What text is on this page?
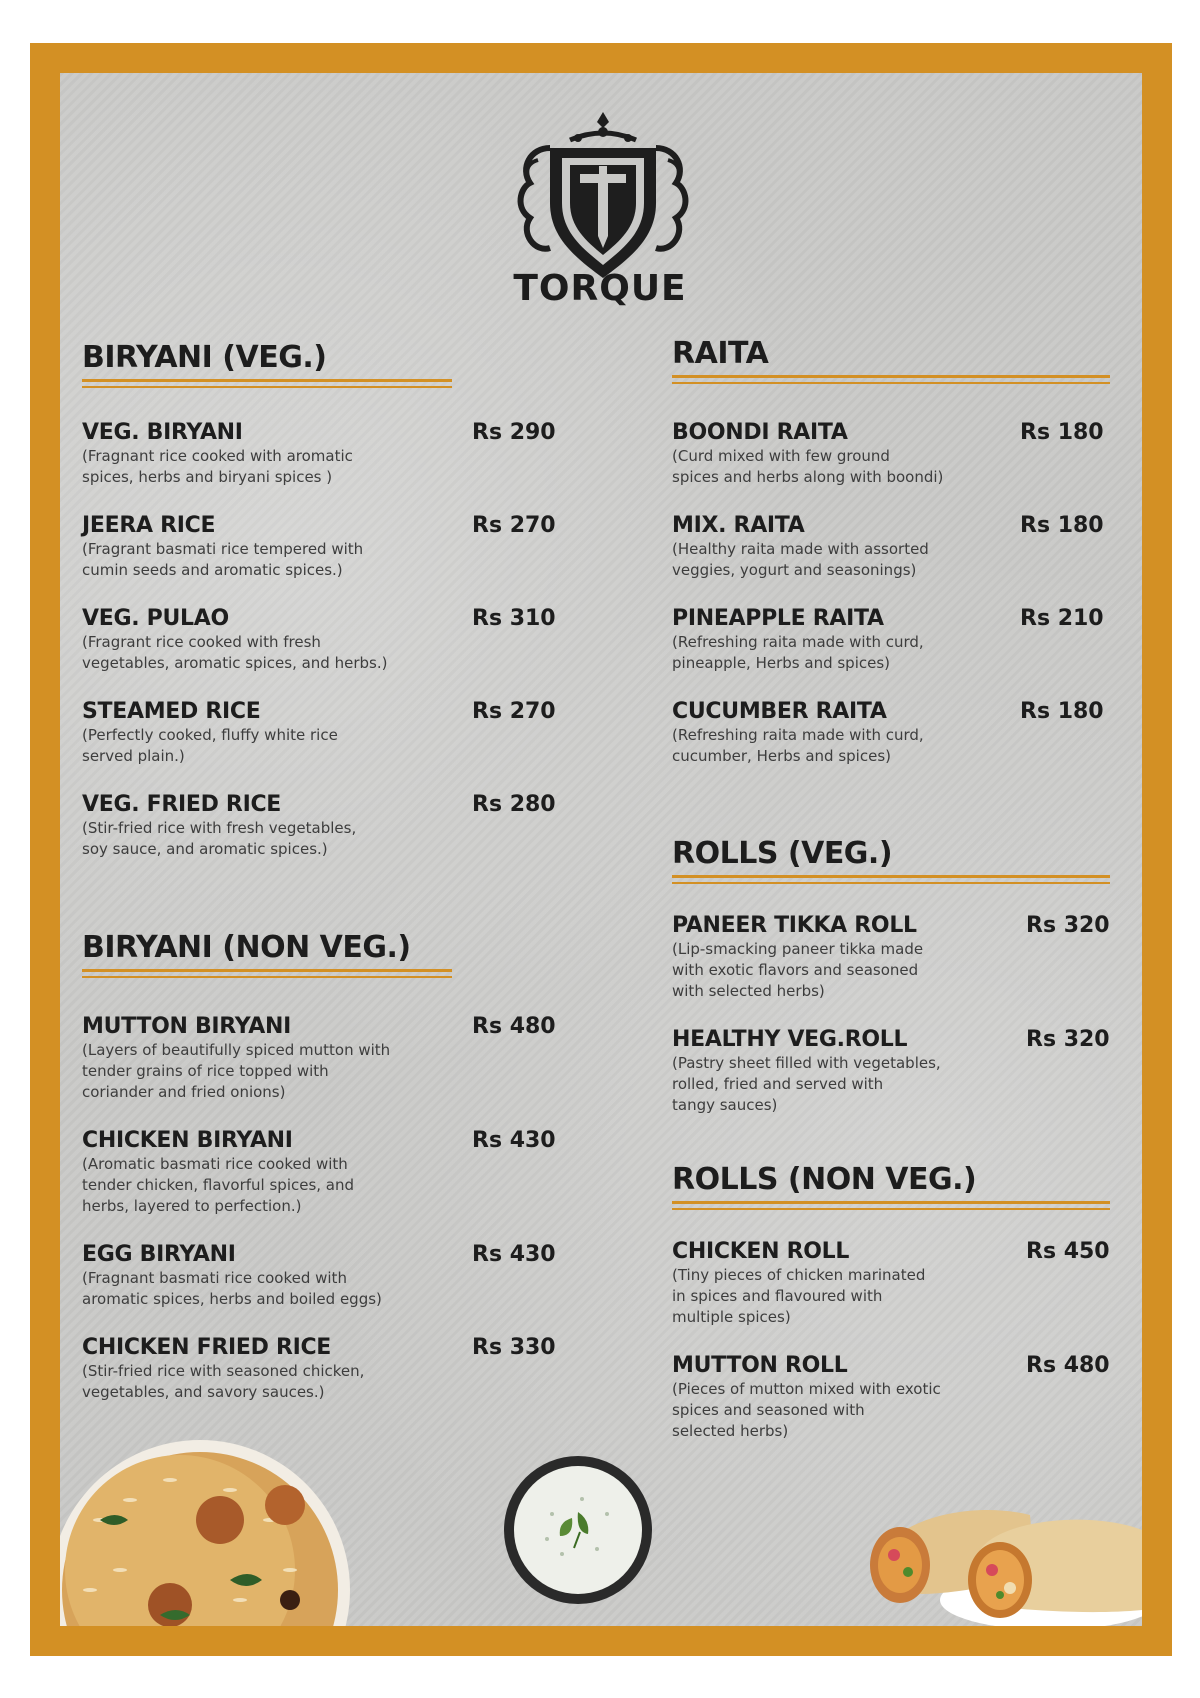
TORQUE
BIRYANI (VEG.)
VEG. BIRYANI	Rs 290
(Fragnant rice cooked with aromatic
spices, herbs and biryani spices )
JEERA RICE	Rs 270
(Fragrant basmati rice tempered with
cumin seeds and aromatic spices.)
VEG. PULAO	Rs 310
(Fragrant rice cooked with fresh
vegetables, aromatic spices, and herbs.)
STEAMED RICE	Rs 270
(Perfectly cooked, fluffy white rice
served plain.)
VEG. FRIED RICE	Rs 280
(Stir-fried rice with fresh vegetables,
soy sauce, and aromatic spices.)
BIRYANI (NON VEG.)
MUTTON BIRYANI	Rs 480
(Layers of beautifully spiced mutton with
tender grains of rice topped with
coriander and fried onions)
CHICKEN BIRYANI	Rs 430
(Aromatic basmati rice cooked with
tender chicken, flavorful spices, and
herbs, layered to perfection.)
EGG BIRYANI	Rs 430
(Fragnant basmati rice cooked with
aromatic spices, herbs and boiled eggs)
CHICKEN FRIED RICE	Rs 330
(Stir-fried rice with seasoned chicken,
vegetables, and savory sauces.)
RAITA
BOONDI RAITA	Rs 180
(Curd mixed with few ground
spices and herbs along with boondi)
MIX. RAITA	Rs 180
(Healthy raita made with assorted
veggies, yogurt and seasonings)
PINEAPPLE RAITA	Rs 210
(Refreshing raita made with curd,
pineapple, Herbs and spices)
CUCUMBER RAITA	Rs 180
(Refreshing raita made with curd,
cucumber, Herbs and spices)
ROLLS (VEG.)
PANEER TIKKA ROLL	Rs 320
(Lip-smacking paneer tikka made
with exotic flavors and seasoned
with selected herbs)
HEALTHY VEG.ROLL	Rs 320
(Pastry sheet filled with vegetables,
rolled, fried and served with
tangy sauces)
ROLLS (NON VEG.)
CHICKEN ROLL	Rs 450
(Tiny pieces of chicken marinated
in spices and flavoured with
multiple spices)
MUTTON ROLL	Rs 480
(Pieces of mutton mixed with exotic
spices and seasoned with
selected herbs)
